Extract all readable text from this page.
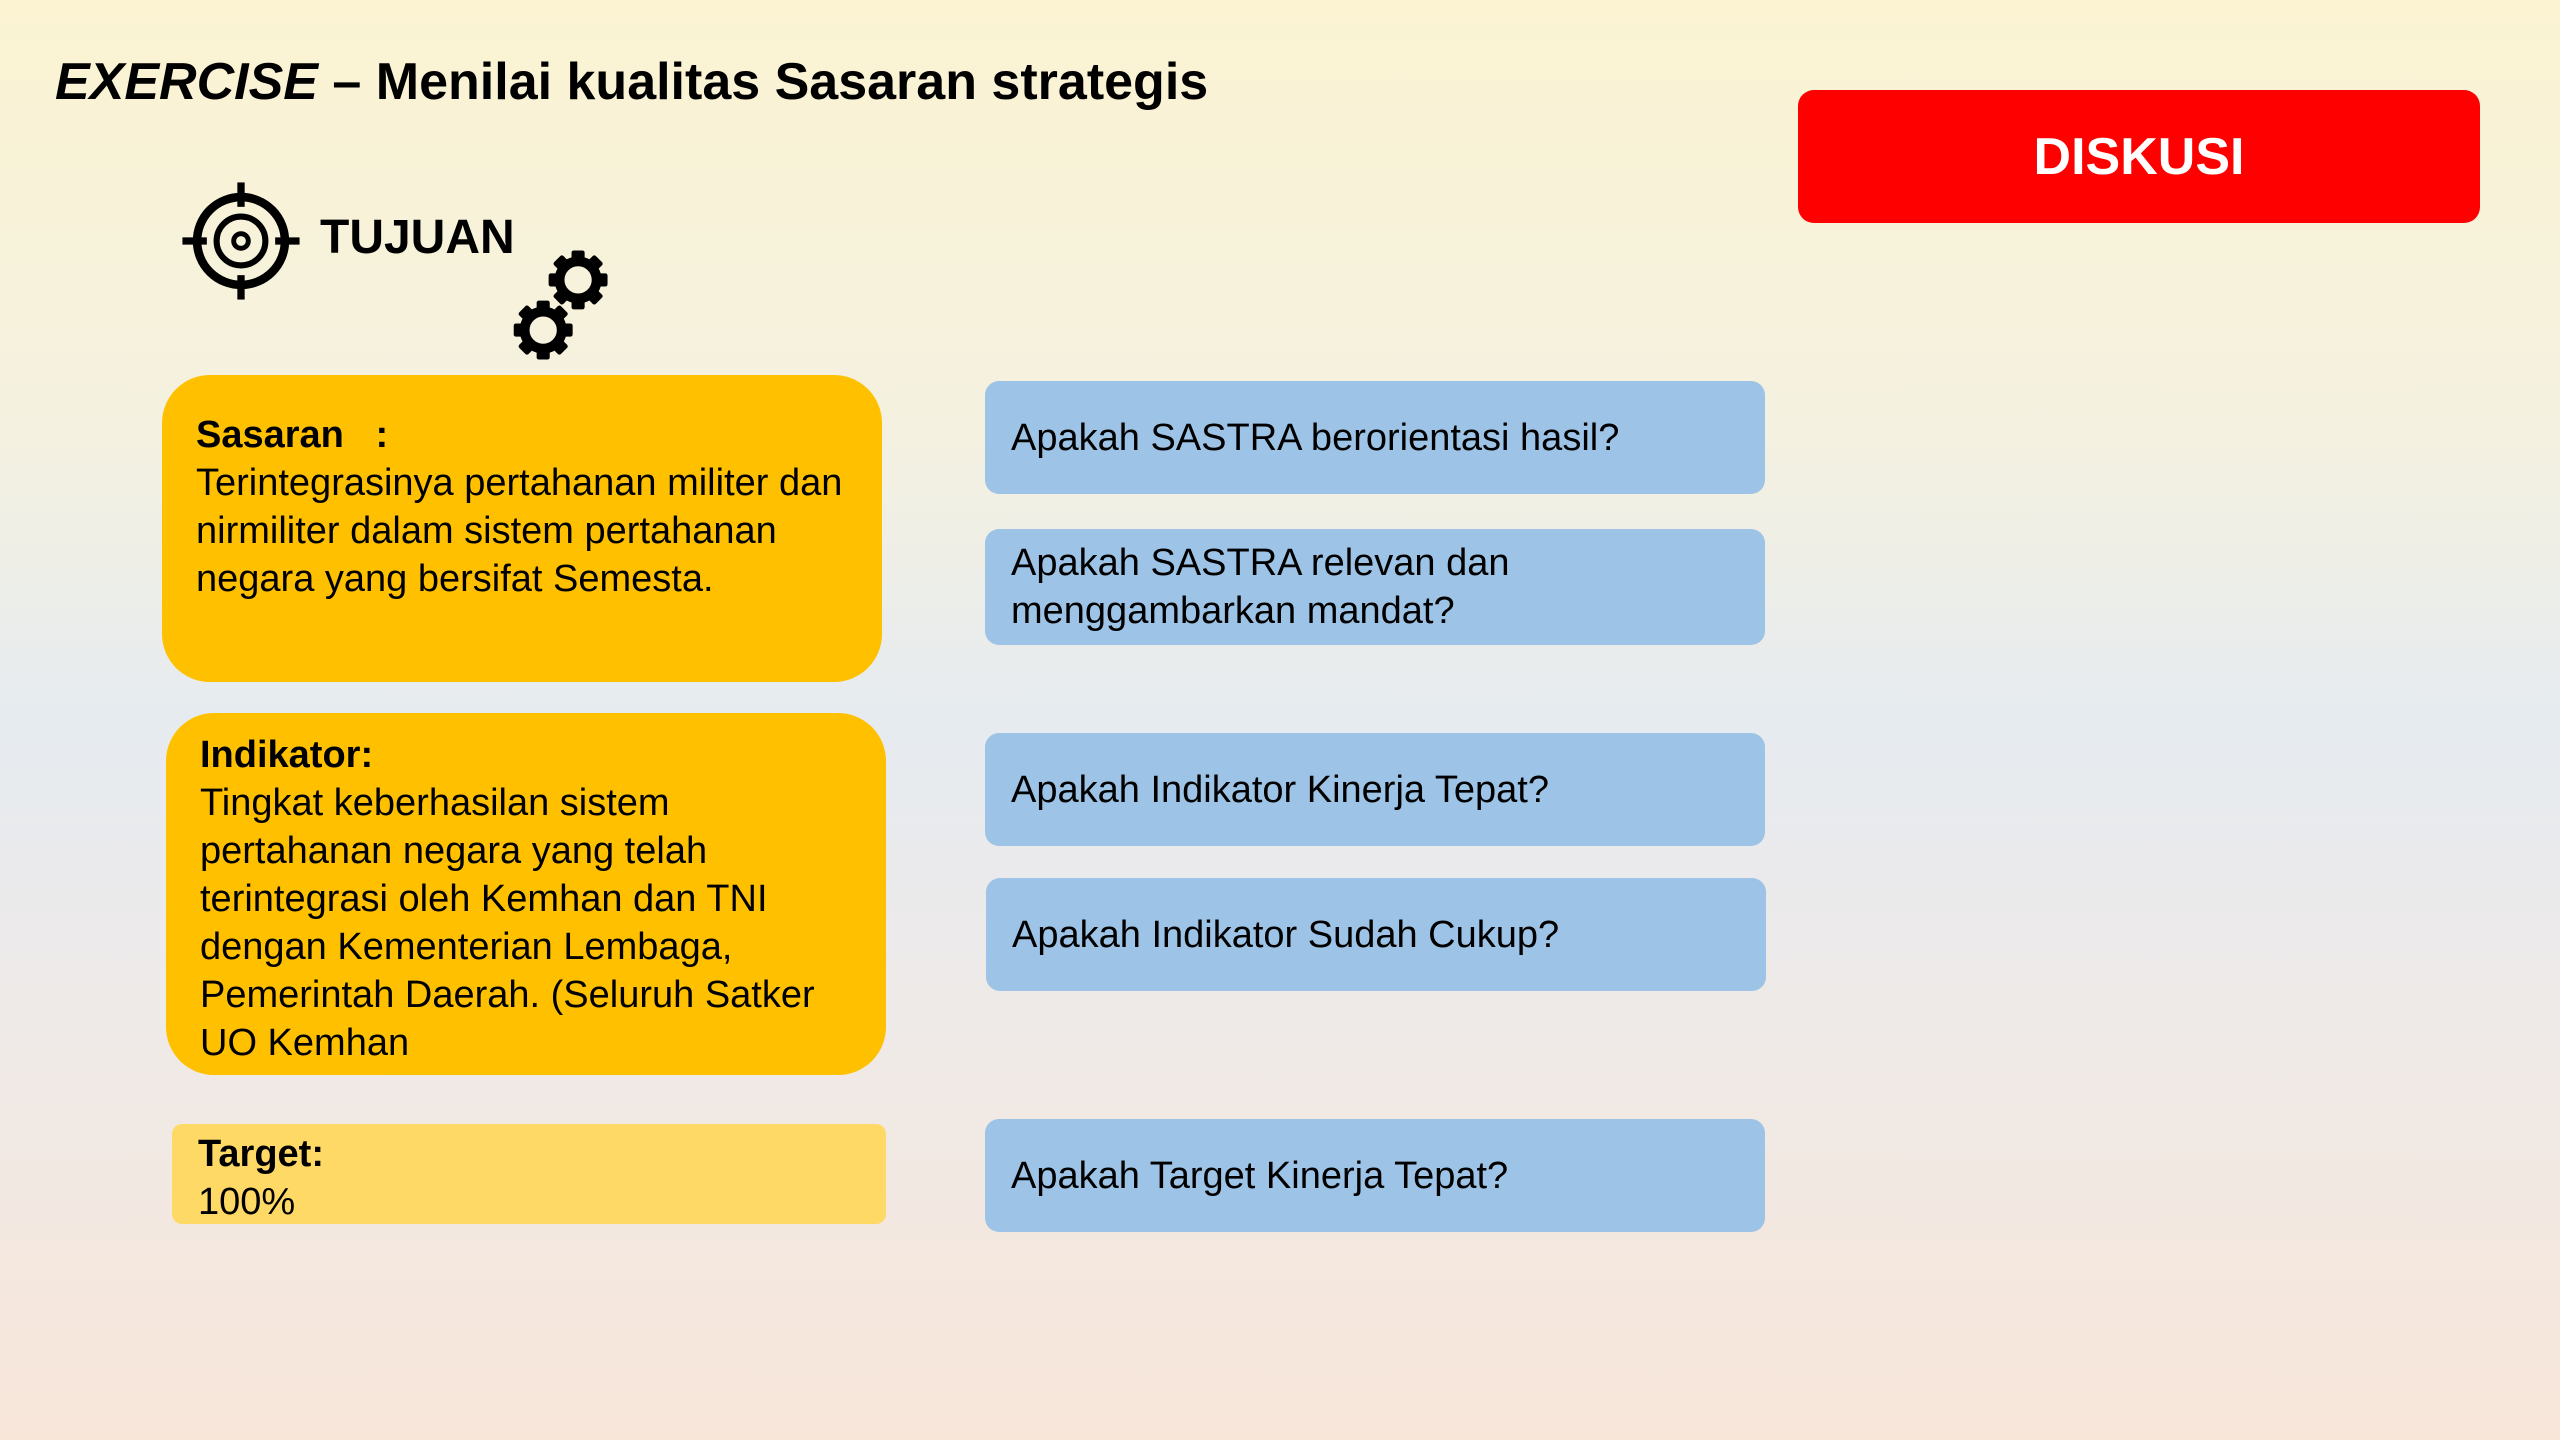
EXERCISE – Menilai kualitas Sasaran strategis
DISKUSI
TUJUAN
Sasaran   :
Terintegrasinya pertahanan militer dan nirmiliter dalam sistem pertahanan negara yang bersifat Semesta.
Indikator:
Tingkat keberhasilan sistem pertahanan negara yang telah terintegrasi oleh Kemhan dan TNI dengan Kementerian Lembaga, Pemerintah Daerah. (Seluruh Satker UO Kemhan
Target:
100%
Apakah SASTRA berorientasi hasil?
Apakah SASTRA relevan dan menggambarkan mandat?
Apakah Indikator Kinerja Tepat?
Apakah Indikator Sudah Cukup?
Apakah Target Kinerja Tepat?
